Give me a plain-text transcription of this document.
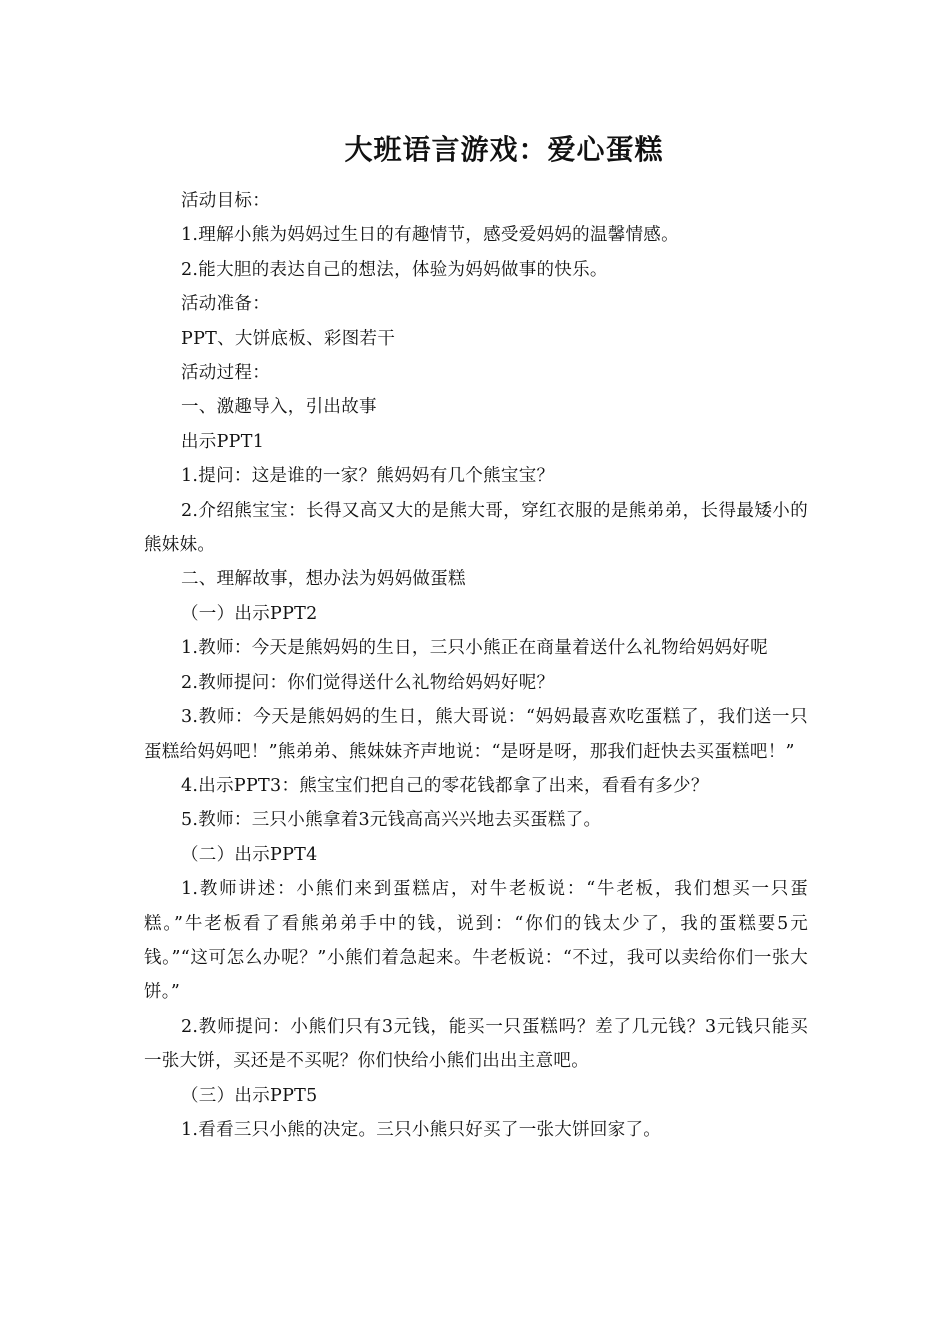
大班语言游戏：爱心蛋糕

活动目标：

1.理解小熊为妈妈过生日的有趣情节，感受爱妈妈的温馨情感。

2.能大胆的表达自己的想法，体验为妈妈做事的快乐。

活动准备：

PPT、大饼底板、彩图若干

活动过程：

一、激趣导入，引出故事

出示PPT1

1.提问：这是谁的一家？熊妈妈有几个熊宝宝？

2.介绍熊宝宝：长得又高又大的是熊大哥，穿红衣服的是熊弟弟，长得最矮小的熊妹妹。

二、理解故事，想办法为妈妈做蛋糕

（一）出示PPT2

1.教师：今天是熊妈妈的生日，三只小熊正在商量着送什么礼物给妈妈好呢

2.教师提问：你们觉得送什么礼物给妈妈好呢？

3.教师：今天是熊妈妈的生日，熊大哥说：“妈妈最喜欢吃蛋糕了，我们送一只蛋糕给妈妈吧！”熊弟弟、熊妹妹齐声地说：“是呀是呀，那我们赶快去买蛋糕吧！”

4.出示PPT3：熊宝宝们把自己的零花钱都拿了出来，看看有多少？

5.教师：三只小熊拿着3元钱高高兴兴地去买蛋糕了。

（二）出示PPT4

1.教师讲述：小熊们来到蛋糕店，对牛老板说：“牛老板，我们想买一只蛋糕。”牛老板看了看熊弟弟手中的钱，说到：“你们的钱太少了，我的蛋糕要5元钱。”“这可怎么办呢？”小熊们着急起来。牛老板说：“不过，我可以卖给你们一张大饼。”

2.教师提问：小熊们只有3元钱，能买一只蛋糕吗？差了几元钱？3元钱只能买一张大饼，买还是不买呢？你们快给小熊们出出主意吧。

（三）出示PPT5

1.看看三只小熊的决定。三只小熊只好买了一张大饼回家了。
